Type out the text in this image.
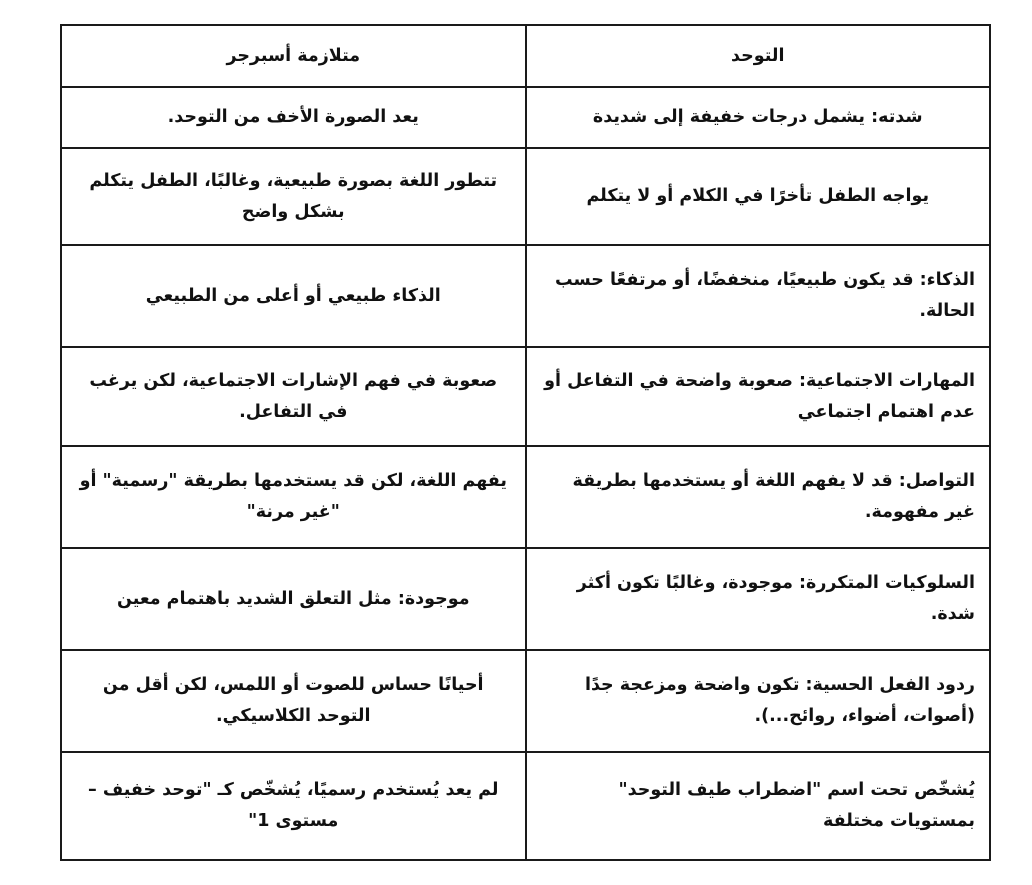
التوحد	متلازمة أسبرجر
شدته: يشمل درجات خفيفة إلى شديدة	يعد الصورة الأخف من التوحد.
يواجه الطفل تأخرًا في الكلام أو لا يتكلم	تتطور اللغة بصورة طبيعية، وغالبًا، الطفل يتكلم بشكل واضح
الذكاء: قد يكون طبيعيًا، منخفضًا، أو مرتفعًا حسب الحالة.	الذكاء طبيعي أو أعلى من الطبيعي
المهارات الاجتماعية: صعوبة واضحة في التفاعل أو عدم اهتمام اجتماعي	صعوبة في فهم الإشارات الاجتماعية، لكن يرغب في التفاعل.
التواصل: قد لا يفهم اللغة أو يستخدمها بطريقة غير مفهومة.	يفهم اللغة، لكن قد يستخدمها بطريقة "رسمية" أو "غير مرنة"
السلوكيات المتكررة: موجودة، وغالبًا تكون أكثر شدة.	موجودة: مثل التعلق الشديد باهتمام معين
ردود الفعل الحسية: تكون واضحة ومزعجة جدًا (أصوات، أضواء، روائح...).	أحيانًا حساس للصوت أو اللمس، لكن أقل من التوحد الكلاسيكي.
يُشخّص تحت اسم "اضطراب طيف التوحد" بمستويات مختلفة	لم يعد يُستخدم رسميًا، يُشخّص كـ "توحد خفيف – مستوى 1"
